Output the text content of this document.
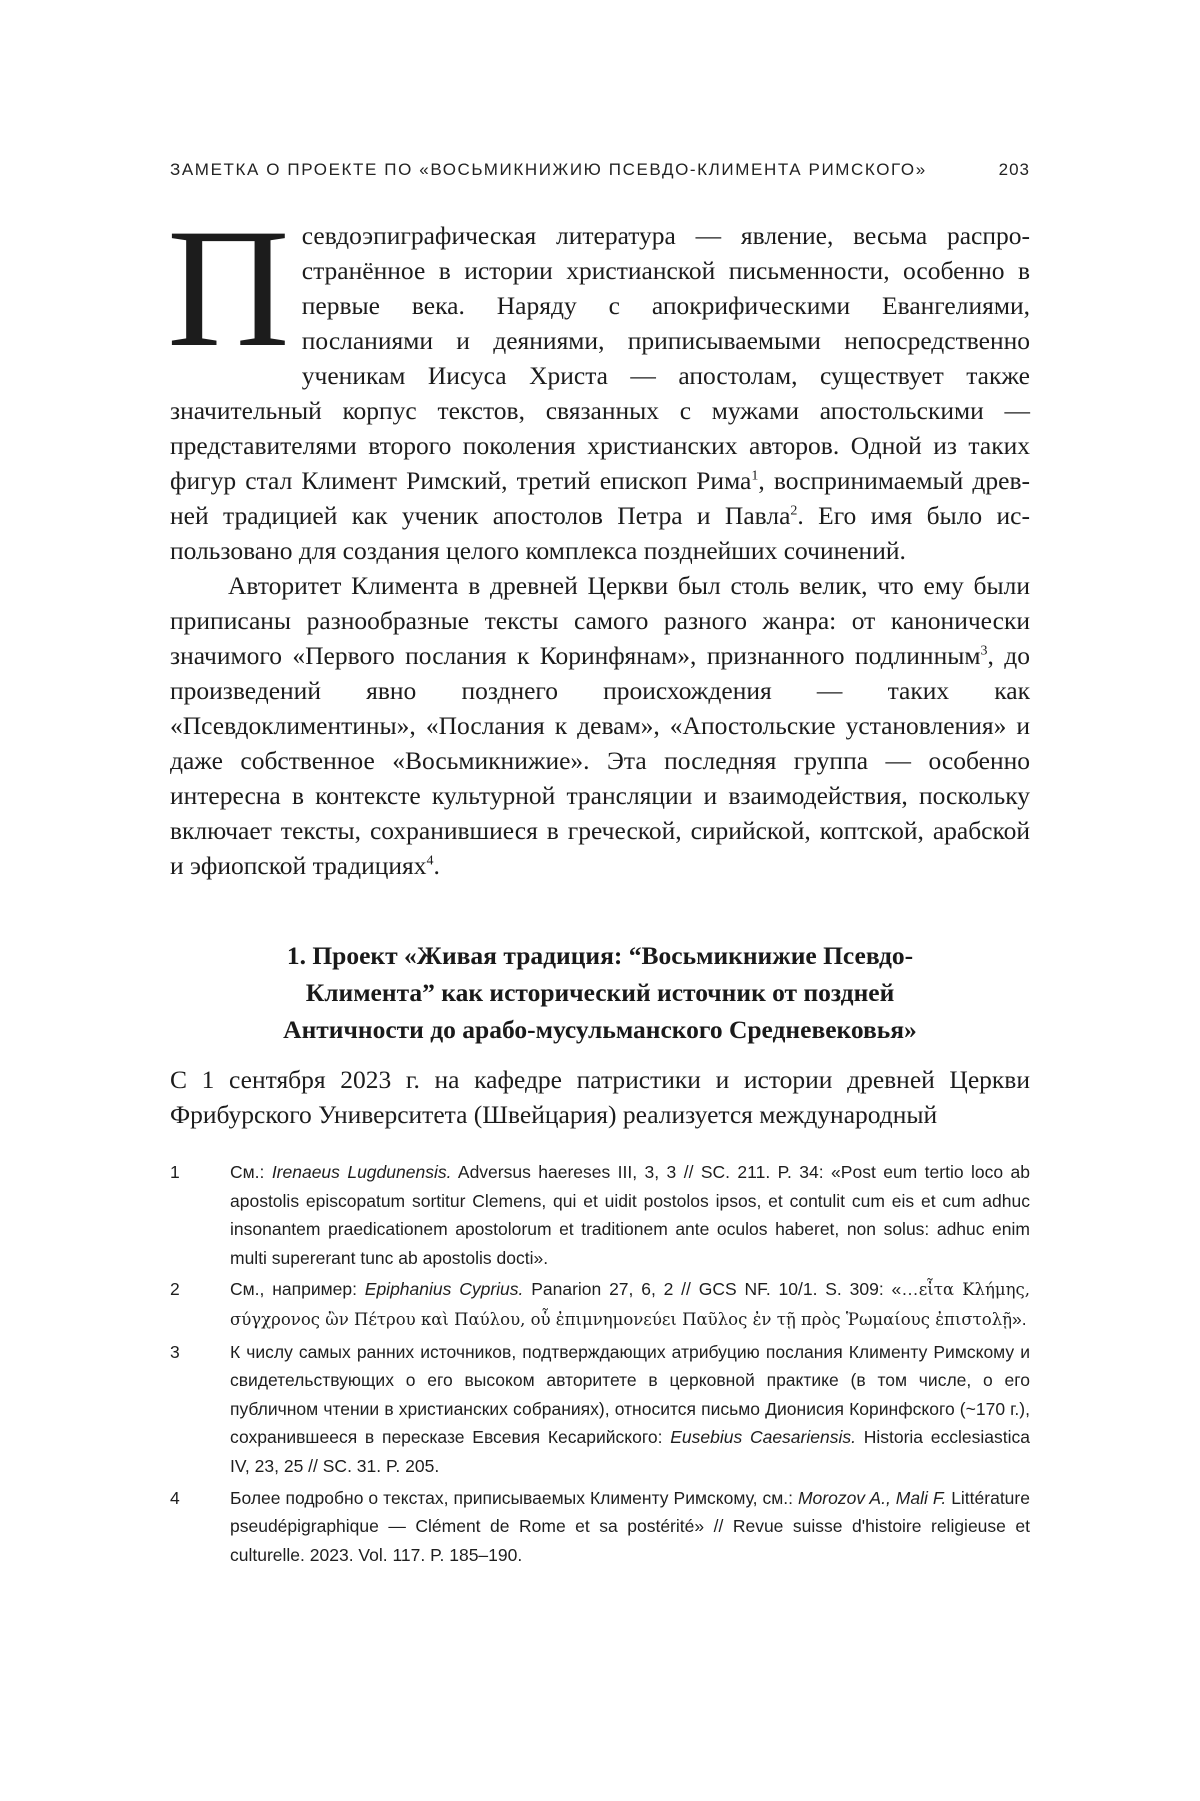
ЗАМЕТКА О ПРОЕКТЕ ПО «ВОСЬМИКНИЖИЮ ПСЕВДО-КЛИМЕНТА РИМСКОГО»	203

Псевдоэпиграфическая литература — явление, весьма распространённое в истории христианской письменности, особенно в первые века. Наряду с апокрифическими Евангелиями, посланиями и деяниями, приписываемыми непосредственно ученикам Иисуса Христа — апостолам, существует также значительный корпус текстов, связанных с мужами апостольскими — представителями второго поколения христианских авторов. Одной из таких фигур стал Климент Римский, третий епископ Рима$^1$, воспринимаемый древней традицией как ученик апостолов Петра и Павла$^2$. Его имя было использовано для создания целого комплекса позднейших сочинений.

Авторитет Климента в древней Церкви был столь велик, что ему были приписаны разнообразные тексты самого разного жанра: от канонически значимого «Первого послания к Коринфянам», признанного подлинным$^3$, до произведений явно позднего происхождения — таких как «Псевдоклиментины», «Послания к девам», «Апостольские установления» и даже собственное «Восьмикнижие». Эта последняя группа — особенно интересна в контексте культурной трансляции и взаимодействия, поскольку включает тексты, сохранившиеся в греческой, сирийской, коптской, арабской и эфиопской традициях$^4$.

1. Проект «Живая традиция: “Восьмикнижие Псевдо-
Климента” как исторический источник от поздней
Античности до арабо-мусульманского Средневековья»

С 1 сентября 2023 г. на кафедре патристики и истории древней Церкви Фрибурского Университета (Швейцария) реализуется международный

1	См.: Irenaeus Lugdunensis. Adversus haereses III, 3, 3 // SC. 211. P. 34: «Post eum tertio loco ab apostolis episcopatum sortitur Clemens, qui et uidit postolos ipsos, et contulit cum eis et cum adhuc insonantem praedicationem apostolorum et traditionem ante oculos haberet, non solus: adhuc enim multi supererant tunc ab apostolis docti».
2	См., например: Epiphanius Cyprius. Panarion 27, 6, 2 // GCS NF. 10/1. S. 309: «…εἶτα Κλήμης, σύγχρονος ὢν Πέτρου καὶ Παύλου, οὗ ἐπιμνημονεύει Παῦλος ἐν τῇ πρὸς Ῥωμαίους ἐπιστολῇ».
3	К числу самых ранних источников, подтверждающих атрибуцию послания Клименту Римскому и свидетельствующих о его высоком авторитете в церковной практике (в том числе, о его публичном чтении в христианских собраниях), относится письмо Дионисия Коринфского (~170 г.), сохранившееся в пересказе Евсевия Кесарийского: Eusebius Caesariensis. Historia ecclesiastica IV, 23, 25 // SC. 31. P. 205.
4	Более подробно о текстах, приписываемых Клименту Римскому, см.: Morozov A., Mali F. Littérature pseudépigraphique — Clément de Rome et sa postérité» // Revue suisse d'histoire religieuse et culturelle. 2023. Vol. 117. P. 185–190.
